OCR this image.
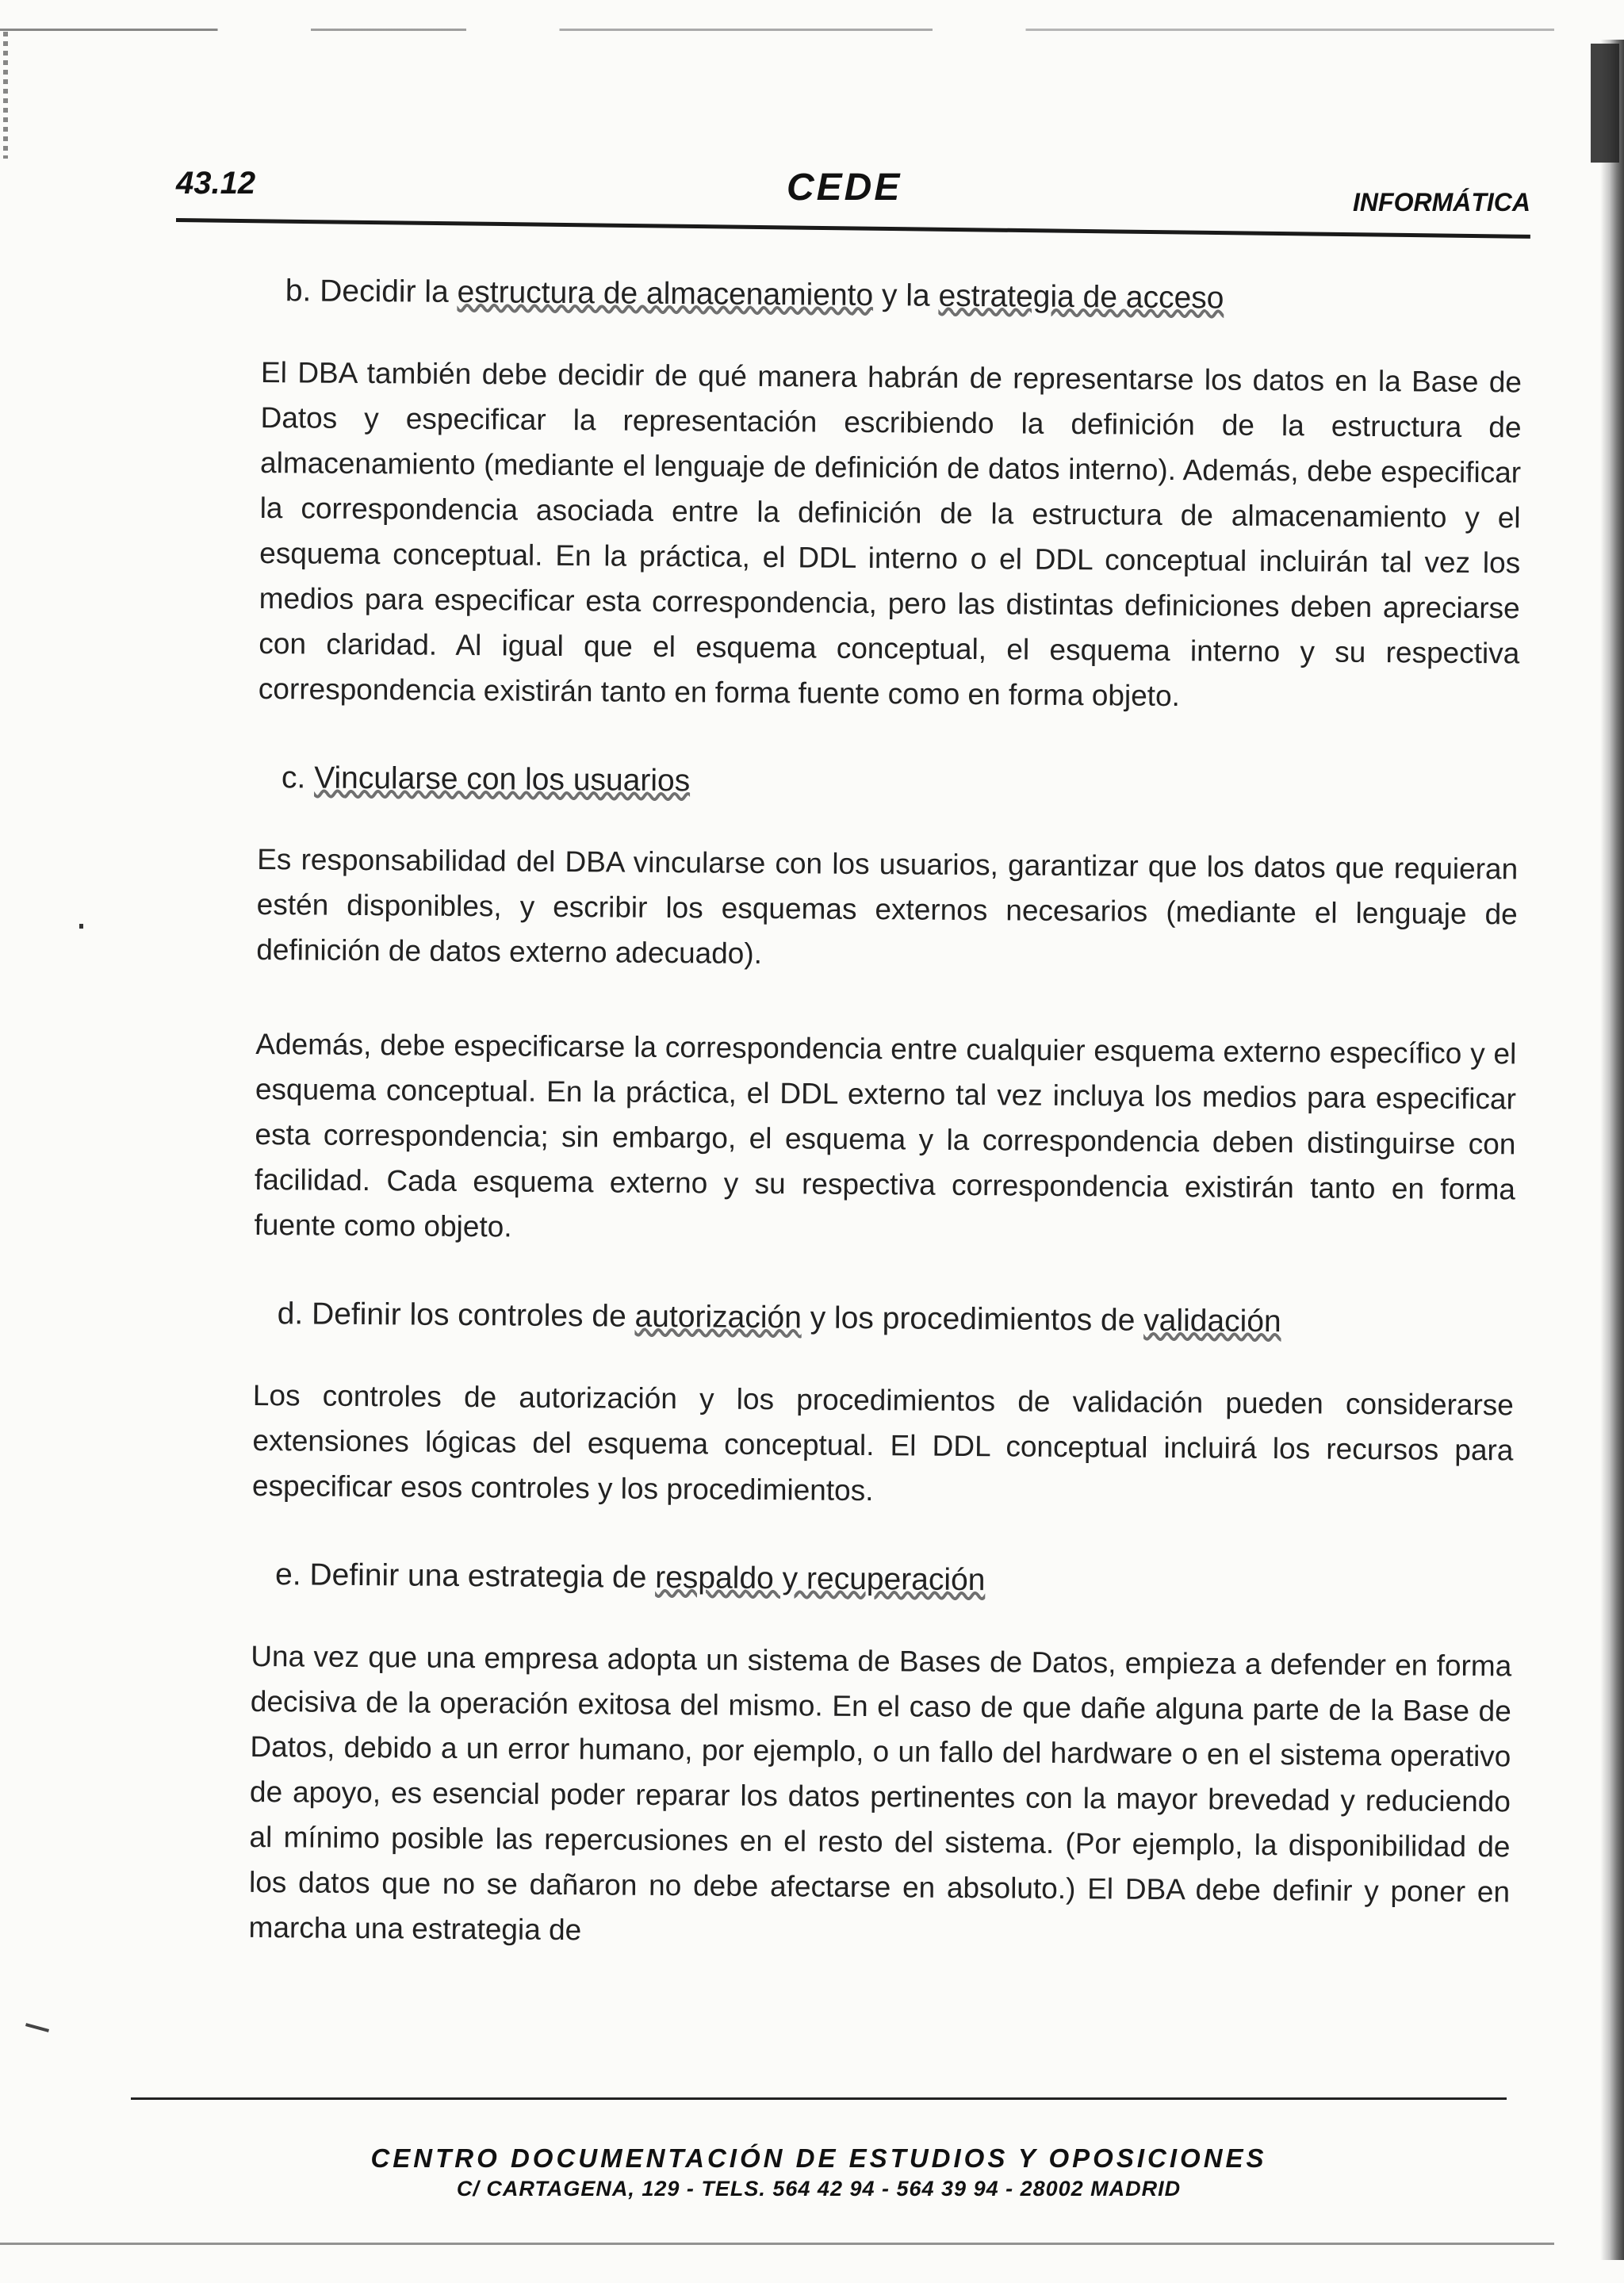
43.12	CEDE	INFORMÁTICA
b. Decidir la estructura de almacenamiento y la estrategia de acceso

El DBA también debe decidir de qué manera habrán de representarse los datos en la Base de Datos y especificar la representación escribiendo la definición de la estructura de almacenamiento (mediante el lenguaje de definición de datos interno). Además, debe especificar la correspondencia asociada entre la definición de la estructura de almacenamiento y el esquema conceptual. En la práctica, el DDL interno o el DDL conceptual incluirán tal vez los medios para especificar esta correspondencia, pero las distintas definiciones deben apreciarse con claridad. Al igual que el esquema conceptual, el esquema interno y su respectiva correspondencia existirán tanto en forma fuente como en forma objeto.

c. Vincularse con los usuarios

Es responsabilidad del DBA vincularse con los usuarios, garantizar que los datos que requieran estén disponibles, y escribir los esquemas externos necesarios (mediante el lenguaje de definición de datos externo adecuado).

Además, debe especificarse la correspondencia entre cualquier esquema externo específico y el esquema conceptual. En la práctica, el DDL externo tal vez incluya los medios para especificar esta correspondencia; sin embargo, el esquema y la correspondencia deben distinguirse con facilidad. Cada esquema externo y su respectiva correspondencia existirán tanto en forma fuente como objeto.

d. Definir los controles de autorización y los procedimientos de validación

Los controles de autorización y los procedimientos de validación pueden considerarse extensiones lógicas del esquema conceptual. El DDL conceptual incluirá los recursos para especificar esos controles y los procedimientos.

e. Definir una estrategia de respaldo y recuperación

Una vez que una empresa adopta un sistema de Bases de Datos, empieza a defender en forma decisiva de la operación exitosa del mismo. En el caso de que dañe alguna parte de la Base de Datos, debido a un error humano, por ejemplo, o un fallo del hardware o en el sistema operativo de apoyo, es esencial poder reparar los datos pertinentes con la mayor brevedad y reduciendo al mínimo posible las repercusiones en el resto del sistema. (Por ejemplo, la disponibilidad de los datos que no se dañaron no debe afectarse en absoluto.) El DBA debe definir y poner en marcha una estrategia de

CENTRO DOCUMENTACIÓN DE ESTUDIOS Y OPOSICIONES
C/ CARTAGENA, 129 - TELS. 564 42 94 - 564 39 94 - 28002 MADRID
